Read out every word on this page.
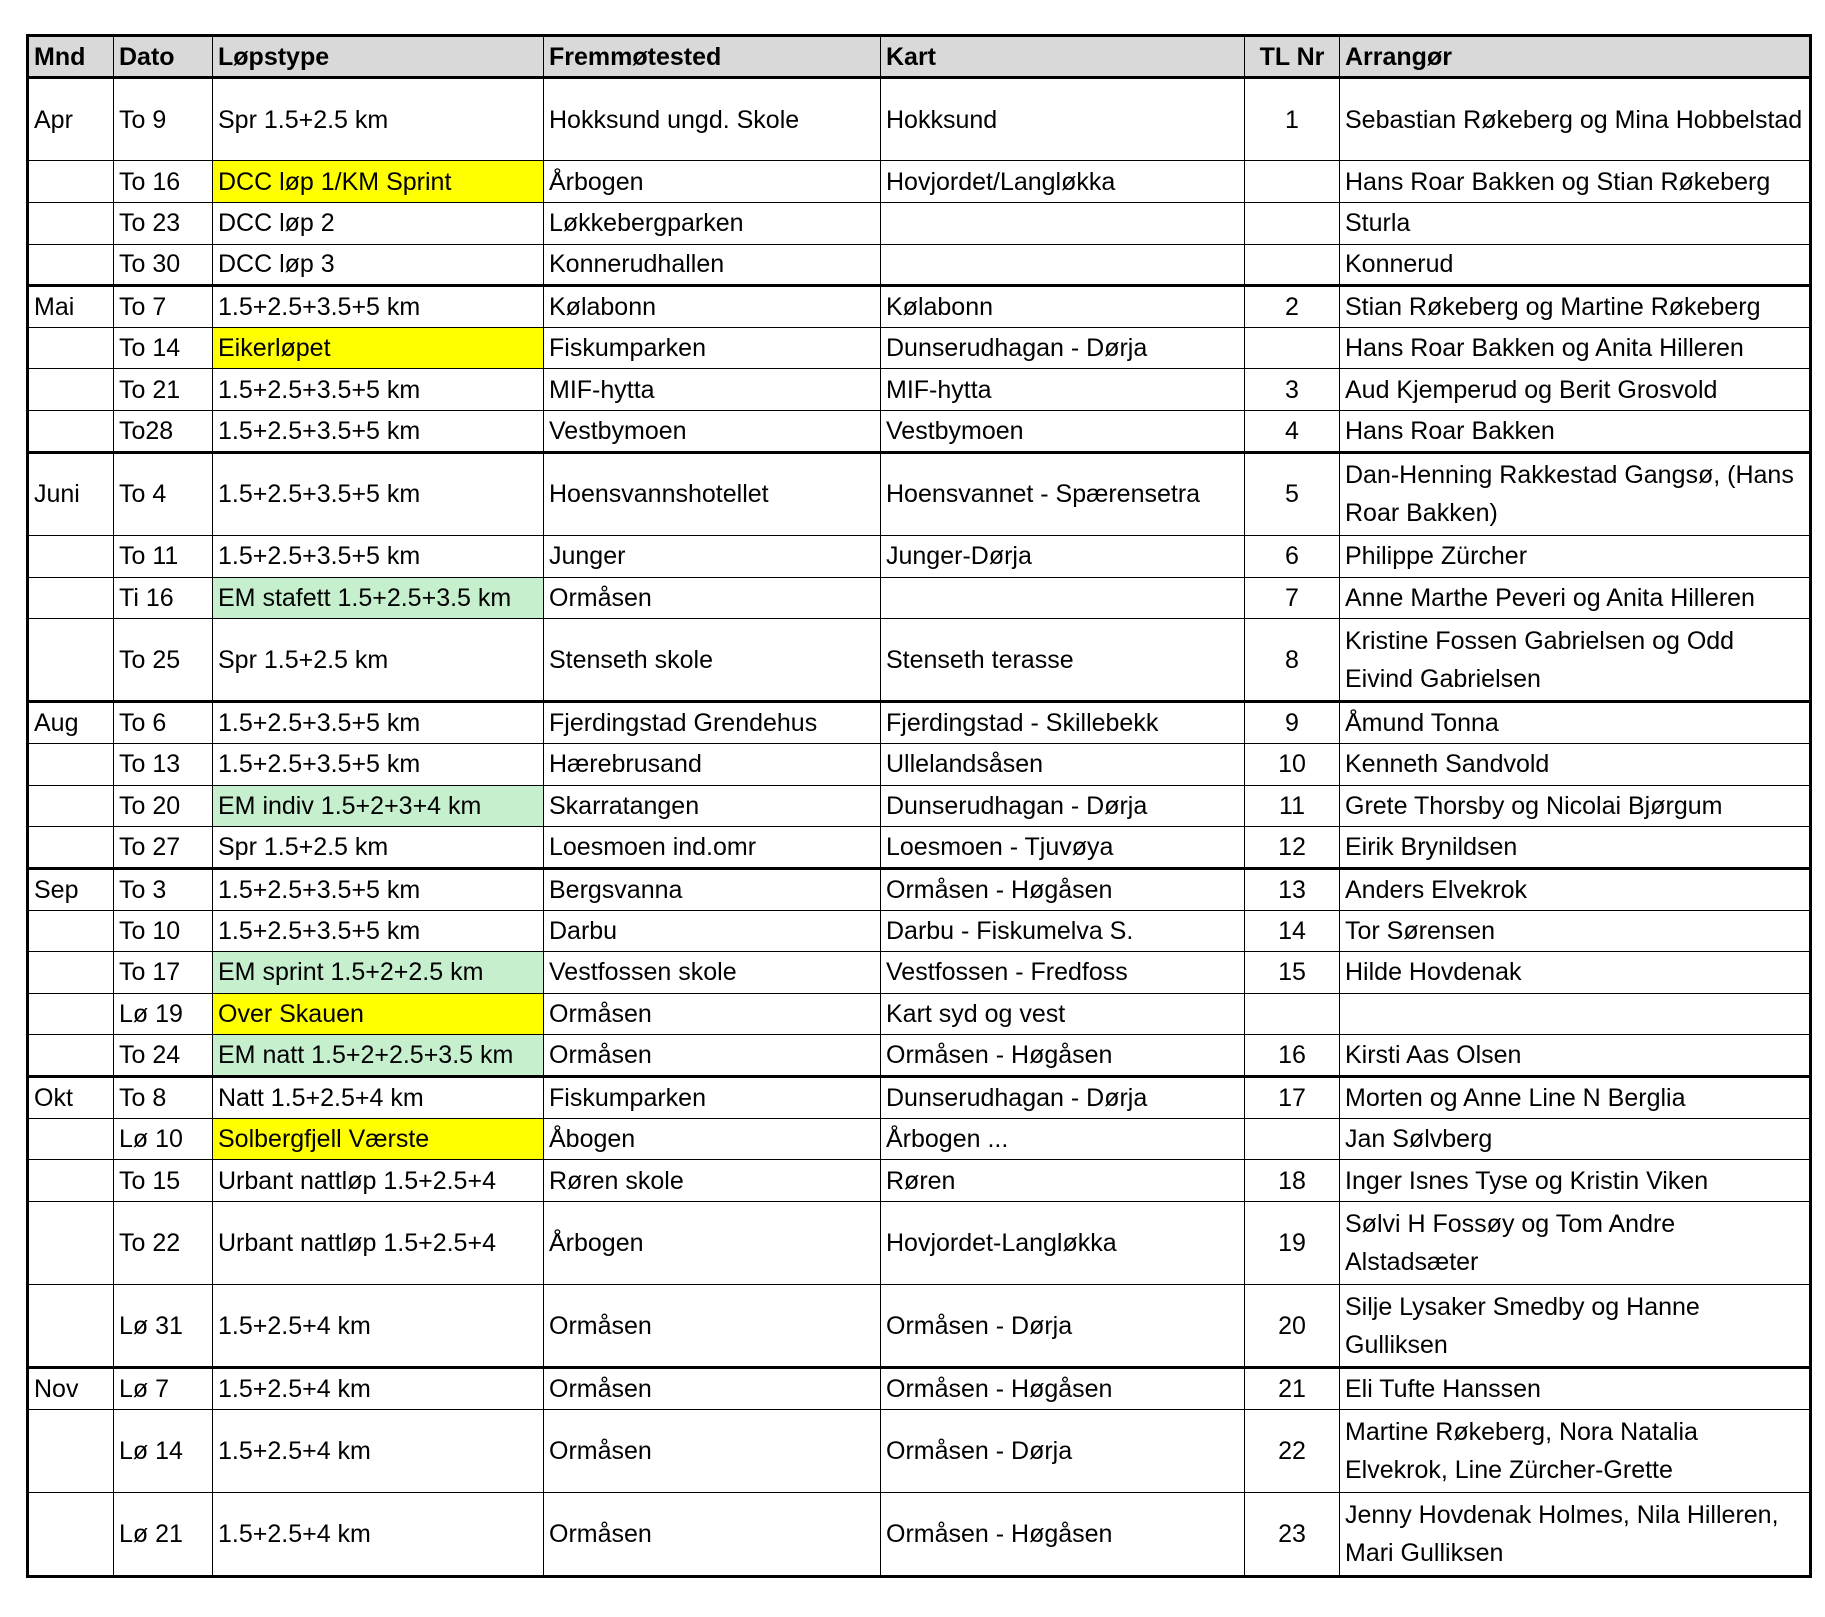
Mnd	Dato	Løpstype	Fremmøtested	Kart	TL Nr	Arrangør
Apr	To 9	Spr 1.5+2.5 km	Hokksund ungd. Skole	Hokksund	1	Sebastian Røkeberg og Mina Hobbelstad
	To 16	DCC løp 1/KM Sprint	Årbogen	Hovjordet/Langløkka		Hans Roar Bakken og Stian Røkeberg
	To 23	DCC løp 2	Løkkebergparken			Sturla
	To 30	DCC løp 3	Konnerudhallen			Konnerud
Mai	To 7	1.5+2.5+3.5+5 km	Kølabonn	Kølabonn	2	Stian Røkeberg og Martine Røkeberg
	To 14	Eikerløpet	Fiskumparken	Dunserudhagan - Dørja		Hans Roar Bakken og Anita Hilleren
	To 21	1.5+2.5+3.5+5 km	MIF-hytta	MIF-hytta	3	Aud Kjemperud og Berit Grosvold
	To28	1.5+2.5+3.5+5 km	Vestbymoen	Vestbymoen	4	Hans Roar Bakken
Juni	To 4	1.5+2.5+3.5+5 km	Hoensvannshotellet	Hoensvannet - Spærensetra	5	Dan-Henning Rakkestad Gangsø, (Hans Roar Bakken)
	To 11	1.5+2.5+3.5+5 km	Junger	Junger-Dørja	6	Philippe Zürcher
	Ti 16	EM stafett 1.5+2.5+3.5 km	Ormåsen		7	Anne Marthe Peveri og Anita Hilleren
	To 25	Spr 1.5+2.5 km	Stenseth skole	Stenseth terasse	8	Kristine Fossen Gabrielsen og Odd Eivind Gabrielsen
Aug	To 6	1.5+2.5+3.5+5 km	Fjerdingstad Grendehus	Fjerdingstad - Skillebekk	9	Åmund Tonna
	To 13	1.5+2.5+3.5+5 km	Hærebrusand	Ullelandsåsen	10	Kenneth Sandvold
	To 20	EM indiv 1.5+2+3+4 km	Skarratangen	Dunserudhagan - Dørja	11	Grete Thorsby og Nicolai Bjørgum
	To 27	Spr 1.5+2.5 km	Loesmoen ind.omr	Loesmoen - Tjuvøya	12	Eirik Brynildsen
Sep	To 3	1.5+2.5+3.5+5 km	Bergsvanna	Ormåsen - Høgåsen	13	Anders Elvekrok
	To 10	1.5+2.5+3.5+5 km	Darbu	Darbu - Fiskumelva S.	14	Tor Sørensen
	To 17	EM sprint 1.5+2+2.5 km	Vestfossen skole	Vestfossen - Fredfoss	15	Hilde Hovdenak
	Lø 19	Over Skauen	Ormåsen	Kart syd og vest		
	To 24	EM natt 1.5+2+2.5+3.5 km	Ormåsen	Ormåsen - Høgåsen	16	Kirsti Aas Olsen
Okt	To 8	Natt 1.5+2.5+4 km	Fiskumparken	Dunserudhagan - Dørja	17	Morten og Anne Line N Berglia
	Lø 10	Solbergfjell Værste	Åbogen	Årbogen ...		Jan Sølvberg
	To 15	Urbant nattløp 1.5+2.5+4	Røren skole	Røren	18	Inger Isnes Tyse og Kristin Viken
	To 22	Urbant nattløp 1.5+2.5+4	Årbogen	Hovjordet-Langløkka	19	Sølvi H Fossøy og Tom Andre Alstadsæter
	Lø 31	1.5+2.5+4 km	Ormåsen	Ormåsen - Dørja	20	Silje Lysaker Smedby og Hanne Gulliksen
Nov	Lø 7	1.5+2.5+4 km	Ormåsen	Ormåsen - Høgåsen	21	Eli Tufte Hanssen
	Lø 14	1.5+2.5+4 km	Ormåsen	Ormåsen - Dørja	22	Martine Røkeberg, Nora Natalia Elvekrok, Line Zürcher-Grette
	Lø 21	1.5+2.5+4 km	Ormåsen	Ormåsen - Høgåsen	23	Jenny Hovdenak Holmes, Nila Hilleren, Mari Gulliksen
